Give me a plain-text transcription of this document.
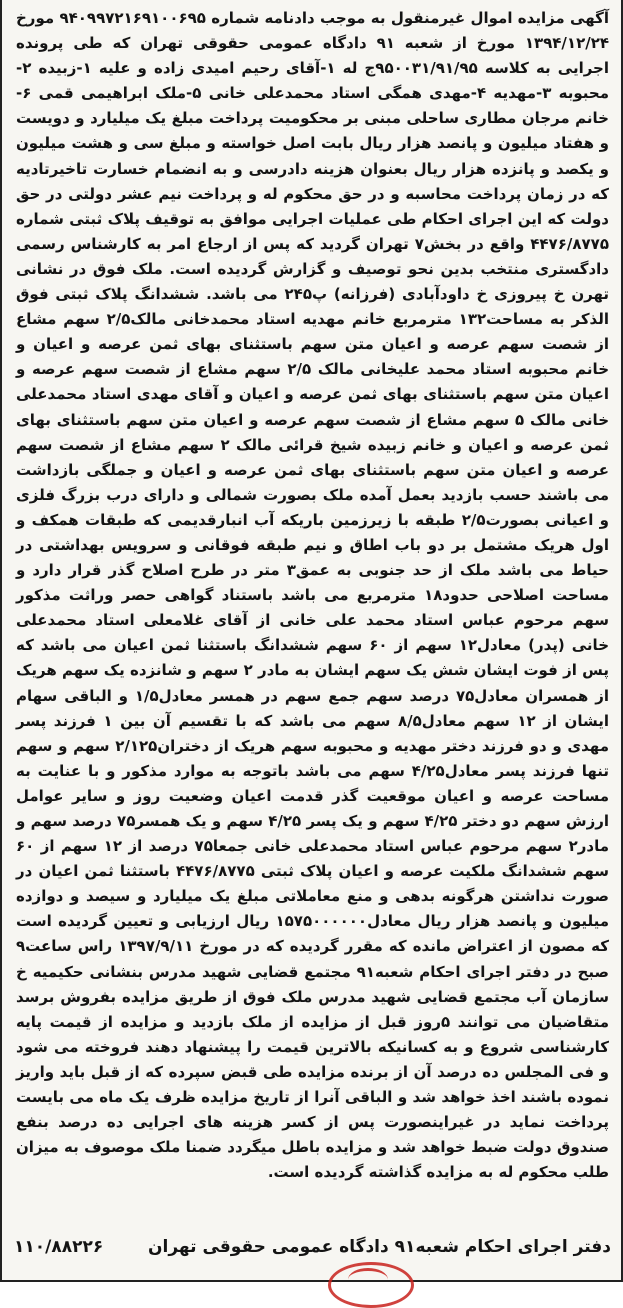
آگهی مزایده اموال غیرمنقول به موجب دادنامه شماره ۹۴۰۹۹۷۲۱۶۹۱۰۰۶۹۵ مورخ ۱۳۹۴/۱۲/۲۴ مورخ از شعبه ۹۱ دادگاه عمومی حقوقی تهران که طی پرونده اجرایی به کلاسه ۹۵۰۰۳۱/۹۱/۹۵ج له ۱-آقای رحیم امیدی زاده و علیه ۱-زبیده ۲-محبوبه ۳-مهدیه ۴-مهدی همگی استاد محمدعلی خانی ۵-ملک ابراهیمی قمی ۶-خانم مرجان مطاری ساحلی مبنی بر محکومیت پرداخت مبلغ یک میلیارد و دویست و هفتاد میلیون و پانصد هزار ریال بابت اصل خواسته و مبلغ سی و هشت میلیون و یکصد و پانزده هزار ریال بعنوان هزینه دادرسی و به انضمام خسارت تاخیرتادیه که در زمان پرداخت محاسبه و در حق محکوم له و پرداخت نیم عشر دولتی در حق دولت که این اجرای احکام طی عملیات اجرایی موافق به توقیف پلاک ثبتی شماره ۴۴۷۶/۸۷۷۵ واقع در بخش۷ تهران گردید که پس از ارجاع امر به کارشناس رسمی دادگستری منتخب بدین نحو توصیف و گزارش گردیده است. ملک فوق در نشانی تهرن خ پیروزی خ داودآبادی (فرزانه) پ۲۴۵ می باشد. ششدانگ پلاک ثبتی فوق الذکر به مساحت۱۳۲ مترمربع خانم مهدیه استاد محمدخانی مالک۲/۵ سهم مشاع از شصت سهم عرصه و اعیان متن سهم باستثنای بهای ثمن عرصه و اعیان و خانم محبوبه استاد محمد علیخانی مالک ۲/۵ سهم مشاع از شصت سهم عرصه و اعیان متن سهم باستثنای بهای ثمن عرصه و اعیان و آقای مهدی استاد محمدعلی خانی مالک ۵ سهم مشاع از شصت سهم عرصه و اعیان متن سهم باستثنای بهای ثمن عرصه و اعیان و خانم زبیده شیخ قرائی مالک ۲ سهم مشاع از شصت سهم عرصه و اعیان متن سهم باستثنای بهای ثمن عرصه و اعیان و جملگی بازداشت می باشند حسب بازدید بعمل آمده ملک بصورت شمالی و دارای درب بزرگ فلزی و اعیانی بصورت۲/۵ طبقه با زیرزمین باریکه آب انبارقدیمی که طبقات همکف و اول هریک مشتمل بر دو باب اطاق و نیم طبقه فوقانی و سرویس بهداشتی در حیاط می باشد ملک از حد جنوبی به عمق۳ متر در طرح اصلاح گذر قرار دارد و مساحت اصلاحی حدود۱۸ مترمربع می باشد باستناد گواهی حصر وراثت مذکور سهم مرحوم عباس استاد محمد علی خانی از آقای غلامعلی استاد محمدعلی خانی (پدر) معادل۱۲ سهم از ۶۰ سهم ششدانگ باستثنا ثمن اعیان می باشد که پس از فوت ایشان شش یک سهم ایشان به مادر ۲ سهم و شانزده یک سهم هریک از همسران معادل۷۵ درصد سهم جمع سهم در همسر معادل۱/۵ و الباقی سهام ایشان از ۱۲ سهم معادل۸/۵ سهم می باشد که با تقسیم آن بین ۱ فرزند پسر مهدی و دو فرزند دختر مهدیه و محبوبه سهم هریک از دختران۲/۱۲۵ سهم و سهم تنها فرزند پسر معادل۴/۲۵ سهم می باشد باتوجه به موارد مذکور و با عنایت به مساحت عرصه و اعیان موقعیت گذر قدمت اعیان وضعیت روز و سایر عوامل ارزش سهم دو دختر ۴/۲۵ سهم و یک پسر ۴/۲۵ سهم و یک همسر۷۵ درصد سهم و مادر۲ سهم مرحوم عباس استاد محمدعلی خانی جمعا۷۵ درصد از ۱۲ سهم از ۶۰ سهم ششدانگ ملکیت عرصه و اعیان پلاک ثبتی ۴۴۷۶/۸۷۷۵ باستثنا ثمن اعیان در صورت نداشتن هرگونه بدهی و منع معاملاتی مبلغ یک میلیارد و سیصد و دوازده میلیون و پانصد هزار ریال معادل۱۵۷۵۰۰۰۰۰۰ ریال ارزیابی و تعیین گردیده است که مصون از اعتراض مانده که مقرر گردیده که در مورخ ۱۳۹۷/۹/۱۱ راس ساعت۹ صبح در دفتر اجرای احکام شعبه۹۱ مجتمع قضایی شهید مدرس بنشانی حکیمیه خ سازمان آب مجتمع قضایی شهید مدرس ملک فوق از طریق مزایده بفروش برسد متقاضیان می توانند ۵روز قبل از مزایده از ملک بازدید و مزایده از قیمت پایه کارشناسی شروع و به کسانیکه بالاترین قیمت را پیشنهاد دهند فروخته می شود و فی المجلس ده درصد آن از برنده مزایده طی قبض سپرده که از قبل باید واریز نموده باشند اخذ خواهد شد و الباقی آنرا از تاریخ مزایده ظرف یک ماه می بایست پرداخت نماید در غیراینصورت پس از کسر هزینه های اجرایی ده درصد بنفع صندوق دولت ضبط خواهد شد و مزایده باطل میگردد ضمنا ملک موصوف به میزان طلب محکوم له به مزایده گذاشته گردیده است.

دفتر اجرای احکام شعبه۹۱ دادگاه عمومی حقوقی تهران
۱۱۰/۸۸۲۲۶
